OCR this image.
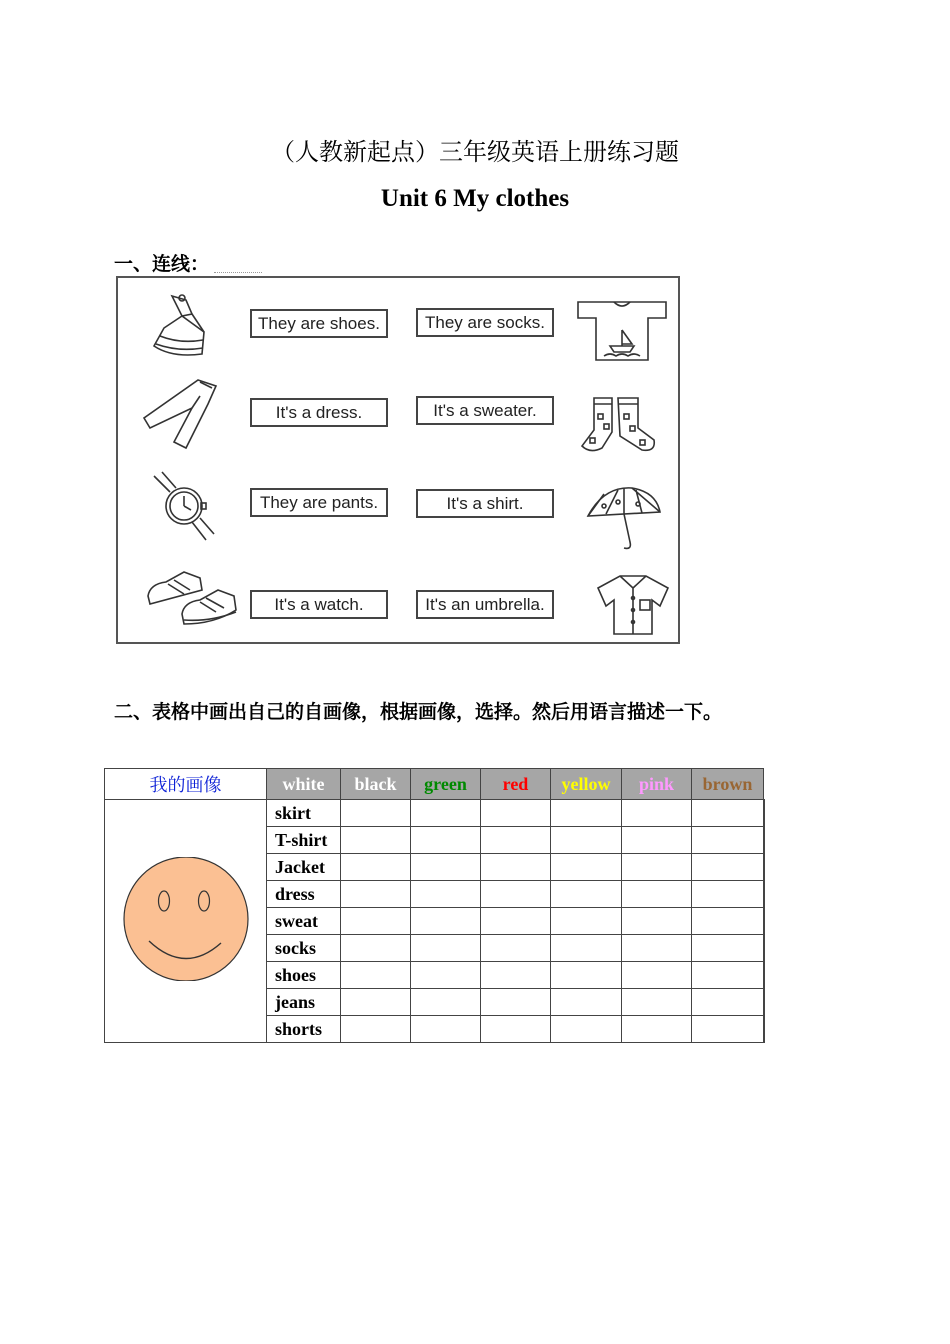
（人教新起点）三年级英语上册练习题
Unit 6 My clothes
一、连线：
They are shoes.
It's a dress.
They are pants.
It's a watch.
They are socks.
It's a sweater.
It's a shirt.
It's an umbrella.
二、表格中画出自己的自画像，根据画像，选择。然后用语言描述一下。
我的画像	white	black	green	red	yellow	pink	brown	
	skirt							
	T-shirt							
	Jacket							
	dress							
	sweat							
	socks							
	shoes							
	jeans							
	shorts							
